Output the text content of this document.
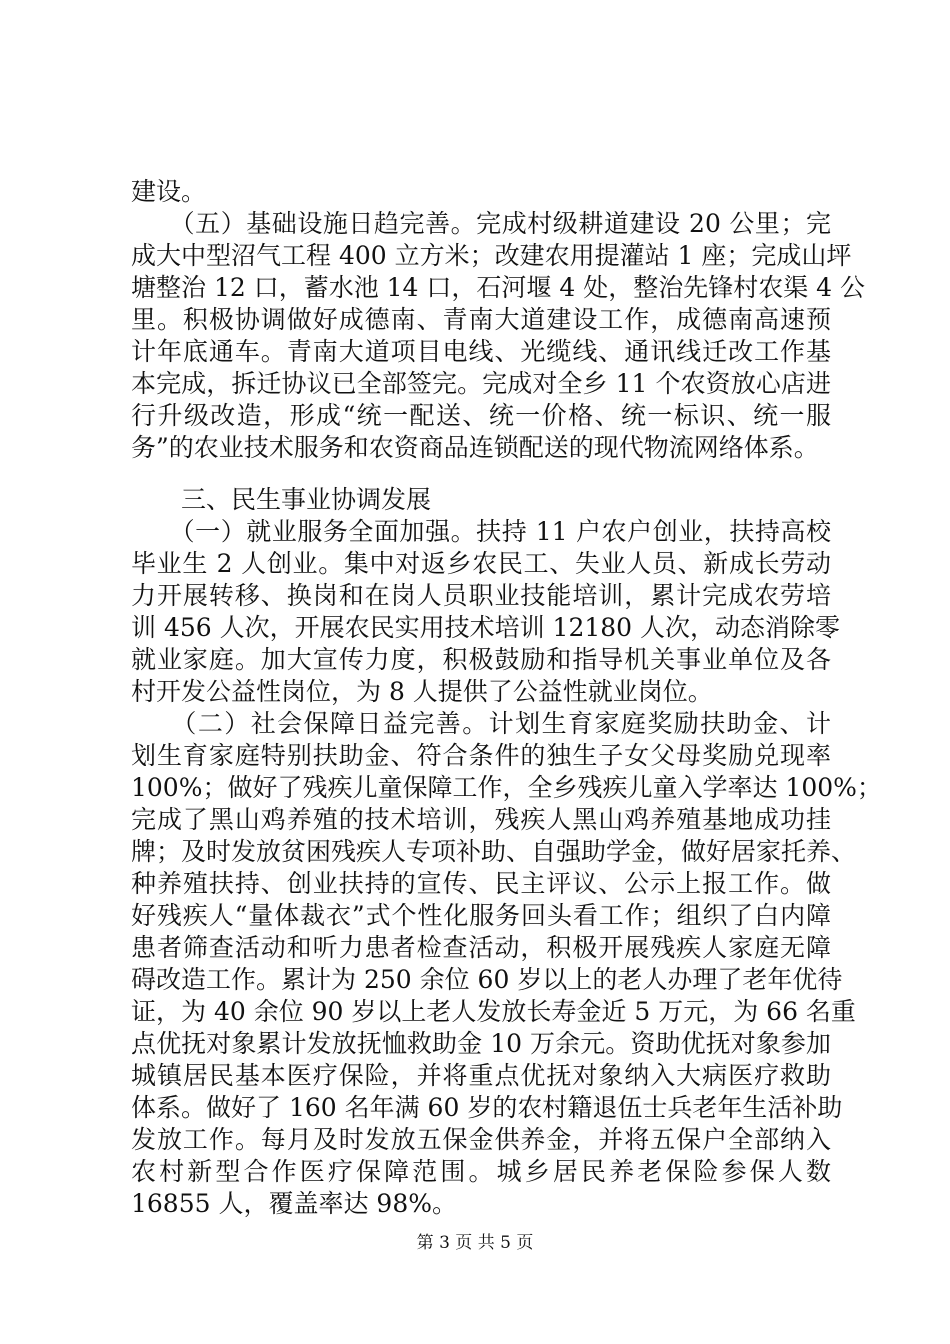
建设。
　　（五）基础设施日趋完善。完成村级耕道建设 20 公里；完
成大中型沼气工程 400 立方米；改建农用提灌站 1 座；完成山坪
塘整治 12 口，蓄水池 14 口，石河堰 4 处，整治先锋村农渠 4 公
里。积极协调做好成德南、青南大道建设工作，成德南高速预
计年底通车。青南大道项目电线、光缆线、通讯线迁改工作基
本完成，拆迁协议已全部签完。完成对全乡 11 个农资放心店进
行升级改造，形成“统一配送、统一价格、统一标识、统一服
务”的农业技术服务和农资商品连锁配送的现代物流网络体系。
　　三、民生事业协调发展
　　（一）就业服务全面加强。扶持 11 户农户创业，扶持高校
毕业生 2 人创业。集中对返乡农民工、失业人员、新成长劳动
力开展转移、换岗和在岗人员职业技能培训，累计完成农劳培
训 456 人次，开展农民实用技术培训 12180 人次，动态消除零
就业家庭。加大宣传力度，积极鼓励和指导机关事业单位及各
村开发公益性岗位，为 8 人提供了公益性就业岗位。
　　（二）社会保障日益完善。计划生育家庭奖励扶助金、计
划生育家庭特别扶助金、符合条件的独生子女父母奖励兑现率
100%；做好了残疾儿童保障工作，全乡残疾儿童入学率达 100%；
完成了黑山鸡养殖的技术培训，残疾人黑山鸡养殖基地成功挂
牌；及时发放贫困残疾人专项补助、自强助学金，做好居家托养、
种养殖扶持、创业扶持的宣传、民主评议、公示上报工作。做
好残疾人“量体裁衣”式个性化服务回头看工作；组织了白内障
患者筛查活动和听力患者检查活动，积极开展残疾人家庭无障
碍改造工作。累计为 250 余位 60 岁以上的老人办理了老年优待
证，为 40 余位 90 岁以上老人发放长寿金近 5 万元，为 66 名重
点优抚对象累计发放抚恤救助金 10 万余元。资助优抚对象参加
城镇居民基本医疗保险，并将重点优抚对象纳入大病医疗救助
体系。做好了 160 名年满 60 岁的农村籍退伍士兵老年生活补助
发放工作。每月及时发放五保金供养金，并将五保户全部纳入
农村新型合作医疗保障范围。城乡居民养老保险参保人数
16855 人，覆盖率达 98%。
第 3 页 共 5 页
